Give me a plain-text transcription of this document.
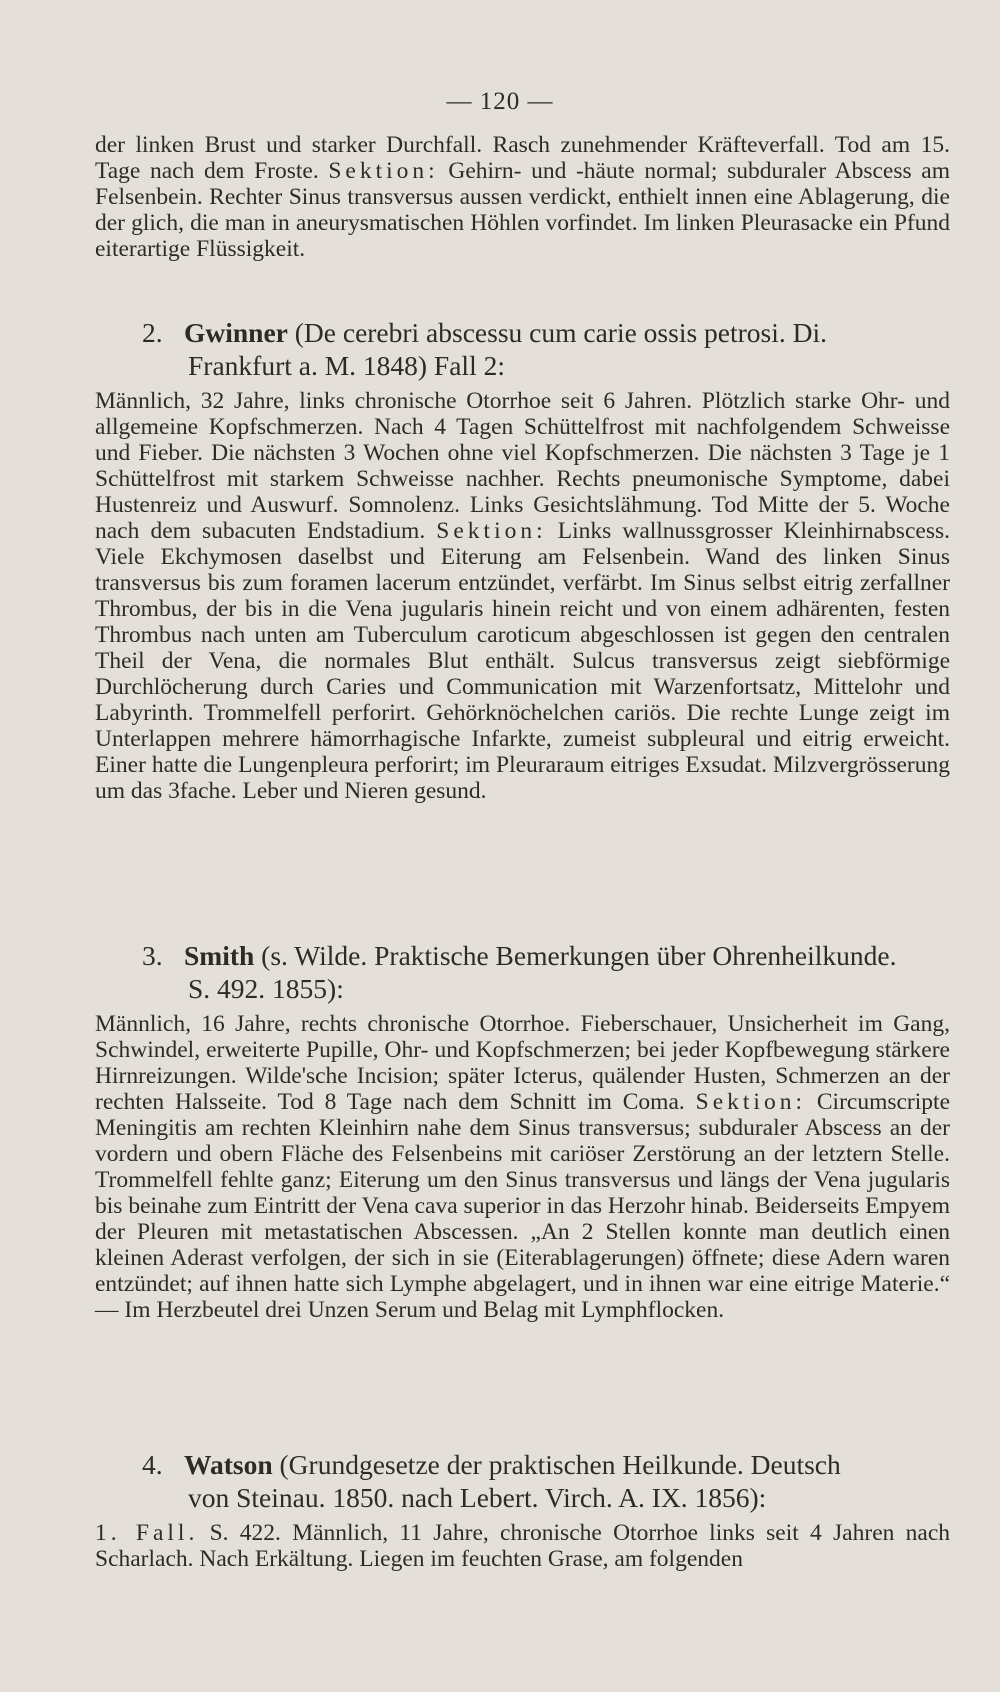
— 120 —

der linken Brust und starker Durchfall. Rasch zunehmender Kräfteverfall. Tod am 15. Tage nach dem Froste. Sektion: Gehirn- und -häute normal; subduraler Abscess am Felsenbein. Rechter Sinus transversus aussen verdickt, enthielt innen eine Ablagerung, die der glich, die man in aneurysmatischen Höhlen vorfindet. Im linken Pleurasacke ein Pfund eiterartige Flüssigkeit.

2. Gwinner (De cerebri abscessu cum carie ossis petrosi. Di.
Frankfurt a. M. 1848) Fall 2:

Männlich, 32 Jahre, links chronische Otorrhoe seit 6 Jahren. Plötzlich starke Ohr- und allgemeine Kopfschmerzen. Nach 4 Tagen Schüttelfrost mit nachfolgendem Schweisse und Fieber. Die nächsten 3 Wochen ohne viel Kopfschmerzen. Die nächsten 3 Tage je 1 Schüttelfrost mit starkem Schweisse nachher. Rechts pneumonische Symptome, dabei Hustenreiz und Auswurf. Somnolenz. Links Gesichtslähmung. Tod Mitte der 5. Woche nach dem subacuten Endstadium. Sektion: Links wallnussgrosser Kleinhirnabscess. Viele Ekchymosen daselbst und Eiterung am Felsenbein. Wand des linken Sinus transversus bis zum foramen lacerum entzündet, verfärbt. Im Sinus selbst eitrig zerfallner Thrombus, der bis in die Vena jugularis hinein reicht und von einem adhärenten, festen Thrombus nach unten am Tuberculum caroticum abgeschlossen ist gegen den centralen Theil der Vena, die normales Blut enthält. Sulcus transversus zeigt siebförmige Durchlöcherung durch Caries und Communication mit Warzenfortsatz, Mittelohr und Labyrinth. Trommelfell perforirt. Gehörknöchelchen cariös. Die rechte Lunge zeigt im Unterlappen mehrere hämorrhagische Infarkte, zumeist subpleural und eitrig erweicht. Einer hatte die Lungenpleura perforirt; im Pleuraraum eitriges Exsudat. Milzvergrösserung um das 3fache. Leber und Nieren gesund.

3. Smith (s. Wilde. Praktische Bemerkungen über Ohrenheilkunde.
S. 492. 1855):

Männlich, 16 Jahre, rechts chronische Otorrhoe. Fieberschauer, Unsicherheit im Gang, Schwindel, erweiterte Pupille, Ohr- und Kopfschmerzen; bei jeder Kopfbewegung stärkere Hirnreizungen. Wilde'sche Incision; später Icterus, quälender Husten, Schmerzen an der rechten Halsseite. Tod 8 Tage nach dem Schnitt im Coma. Sektion: Circumscripte Meningitis am rechten Kleinhirn nahe dem Sinus transversus; subduraler Abscess an der vordern und obern Fläche des Felsenbeins mit cariöser Zerstörung an der letztern Stelle. Trommelfell fehlte ganz; Eiterung um den Sinus transversus und längs der Vena jugularis bis beinahe zum Eintritt der Vena cava superior in das Herzohr hinab. Beiderseits Empyem der Pleuren mit metastatischen Abscessen. „An 2 Stellen konnte man deutlich einen kleinen Aderast verfolgen, der sich in sie (Eiterablagerungen) öffnete; diese Adern waren entzündet; auf ihnen hatte sich Lymphe abgelagert, und in ihnen war eine eitrige Materie.“ — Im Herzbeutel drei Unzen Serum und Belag mit Lymphflocken.

4. Watson (Grundgesetze der praktischen Heilkunde. Deutsch
von Steinau. 1850. nach Lebert. Virch. A. IX. 1856):

1. Fall. S. 422. Männlich, 11 Jahre, chronische Otorrhoe links seit 4 Jahren nach Scharlach. Nach Erkältung. Liegen im feuchten Grase, am folgenden
